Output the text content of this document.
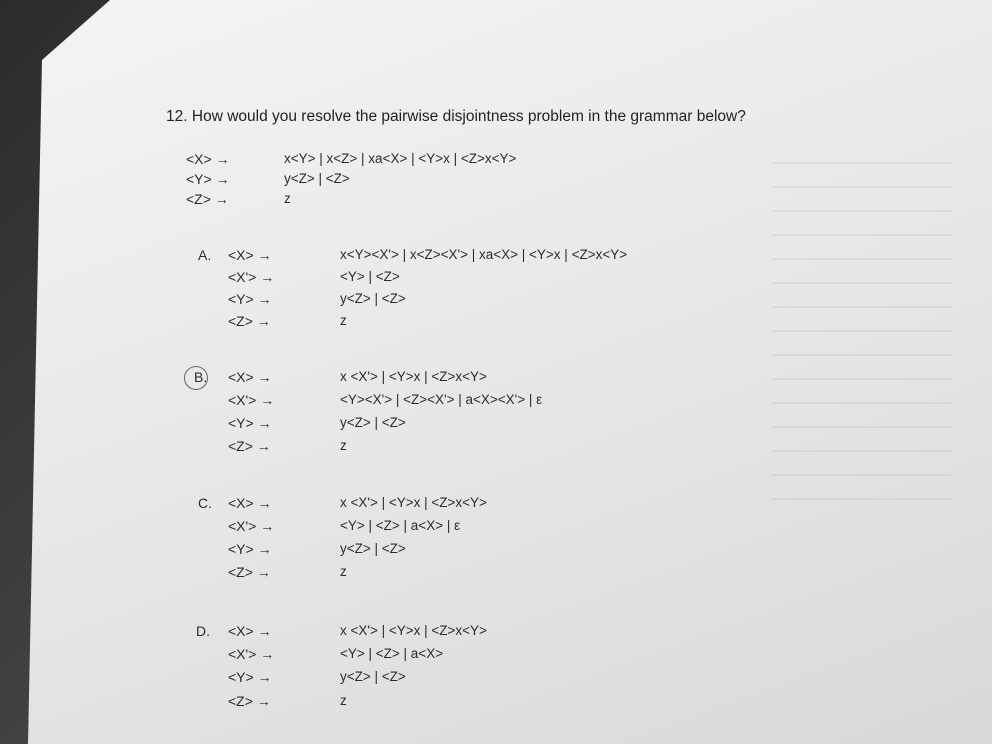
12. How would you resolve the pairwise disjointness problem in the grammar below?
<X> →	x<Y> | x<Z> | xa<X> | <Y>x | <Z>x<Y>
<Y> →	y<Z> | <Z>
<Z> →	z
A. <X> →	x<Y><X'> | x<Z><X'> | xa<X> | <Y>x | <Z>x<Y>
<X'> →	<Y> | <Z>
<Y> →	y<Z> | <Z>
<Z> →	z
B. <X> →	x <X'> | <Y>x | <Z>x<Y>
<X'> →	<Y><X'> | <Z><X'> | a<X><X'> | ε
<Y> →	y<Z> | <Z>
<Z> →	z
C. <X> →	x <X'> | <Y>x | <Z>x<Y>
<X'> →	<Y> | <Z> | a<X> | ε
<Y> →	y<Z> | <Z>
<Z> →	z
D. <X> →	x <X'> | <Y>x | <Z>x<Y>
<X'> →	<Y> | <Z> | a<X>
<Y> →	y<Z> | <Z>
<Z> →	z
